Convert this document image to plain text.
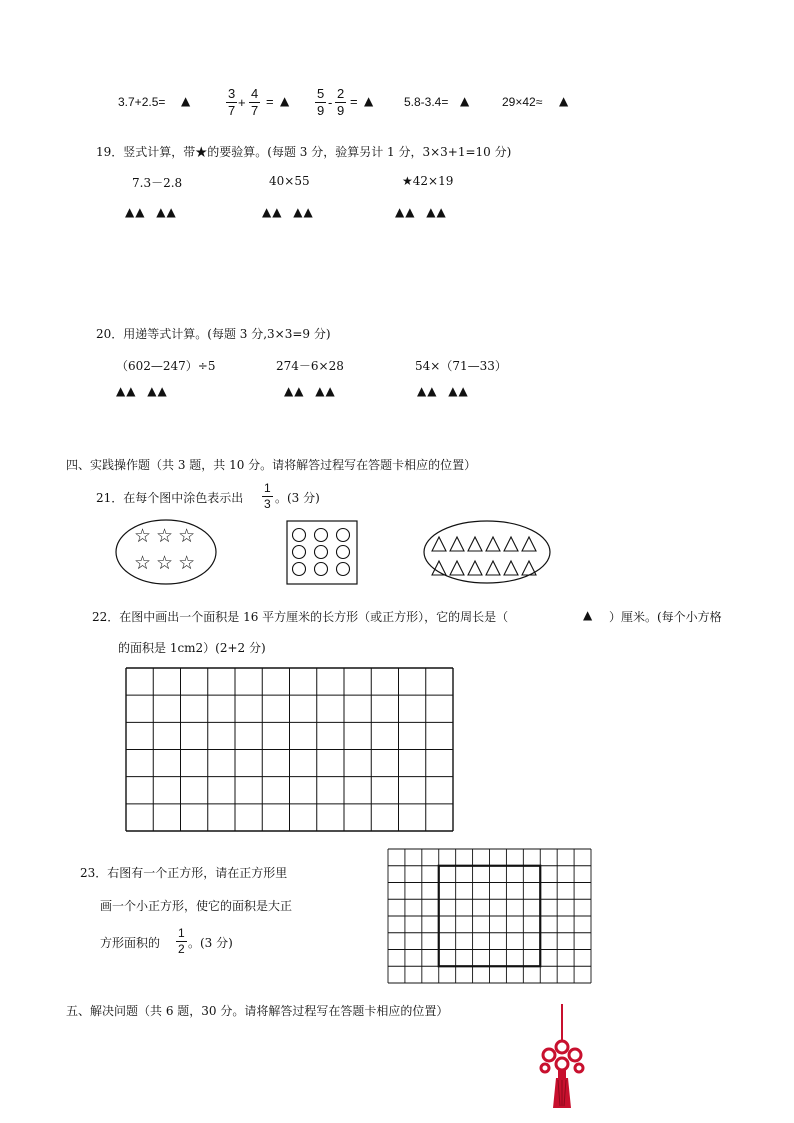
3.7+2.5= ▲	$\frac{3}{7} + \frac{4}{7}$ = ▲ $\frac{5}{9} - \frac{2}{9}$ = ▲ 5.8-3.4= ▲	29×42≈ ▲
19．竖式计算，带★的要验算。(每题 3 分，验算另计 1 分，3×3+1=10 分)
7.3－2.8	40×55	★42×19
▲▲ ▲▲	▲▲ ▲▲	▲▲ ▲▲
20．用递等式计算。(每题 3 分,3×3=9 分)
（602—247）÷5	274－6×28	54×（71—33）
▲▲ ▲▲	▲▲ ▲▲	▲▲ ▲▲
四、实践操作题（共 3 题，共 10 分。请将解答过程写在答题卡相应的位置）
21．在每个图中涂色表示出 $\frac{1}{3}$ 。(3 分)
☆☆☆
☆☆☆
22．在图中画出一个面积是 16 平方厘米的长方形（或正方形），它的周长是（	▲ ）厘米。(每个小方格
的面积是 1cm2）(2+2 分)
23．右图有一个正方形，请在正方形里
画一个小正方形，使它的面积是大正
方形面积的 $\frac{1}{2}$ 。(3 分)
五、解决问题（共 6 题，30 分。请将解答过程写在答题卡相应的位置）
